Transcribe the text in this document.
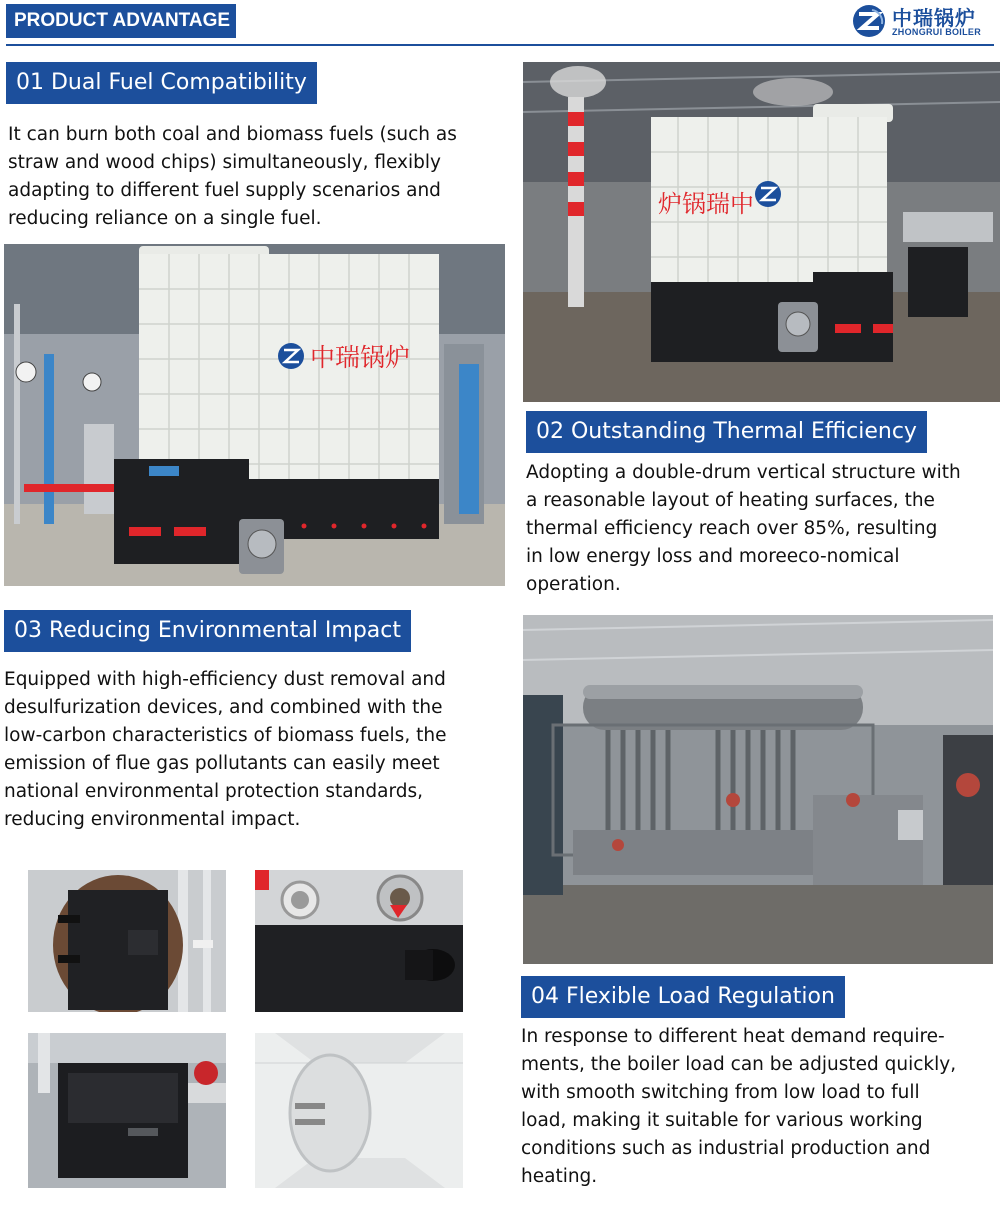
PRODUCT ADVANTAGE	中瑞锅炉
ZHONGRUI BOILER
01 Dual Fuel Compatibility

It can burn both coal and biomass fuels (such as
straw and wood chips) simultaneously, flexibly
adapting to different fuel supply scenarios and
reducing reliance on a single fuel.

中瑞锅炉
炉锅瑞中
02 Outstanding Thermal Efficiency

Adopting a double-drum vertical structure with
a reasonable layout of heating surfaces, the
thermal efficiency reach over 85%, resulting
in low energy loss and moreeco-nomical
operation.

03 Reducing Environmental Impact

Equipped with high-efficiency dust removal and
desulfurization devices, and combined with the
low-carbon characteristics of biomass fuels, the
emission of flue gas pollutants can easily meet
national environmental protection standards,
reducing environmental impact.

04 Flexible Load Regulation

In response to different heat demand require-
ments, the boiler load can be adjusted quickly,
with smooth switching from low load to full
load, making it suitable for various working
conditions such as industrial production and
heating.
